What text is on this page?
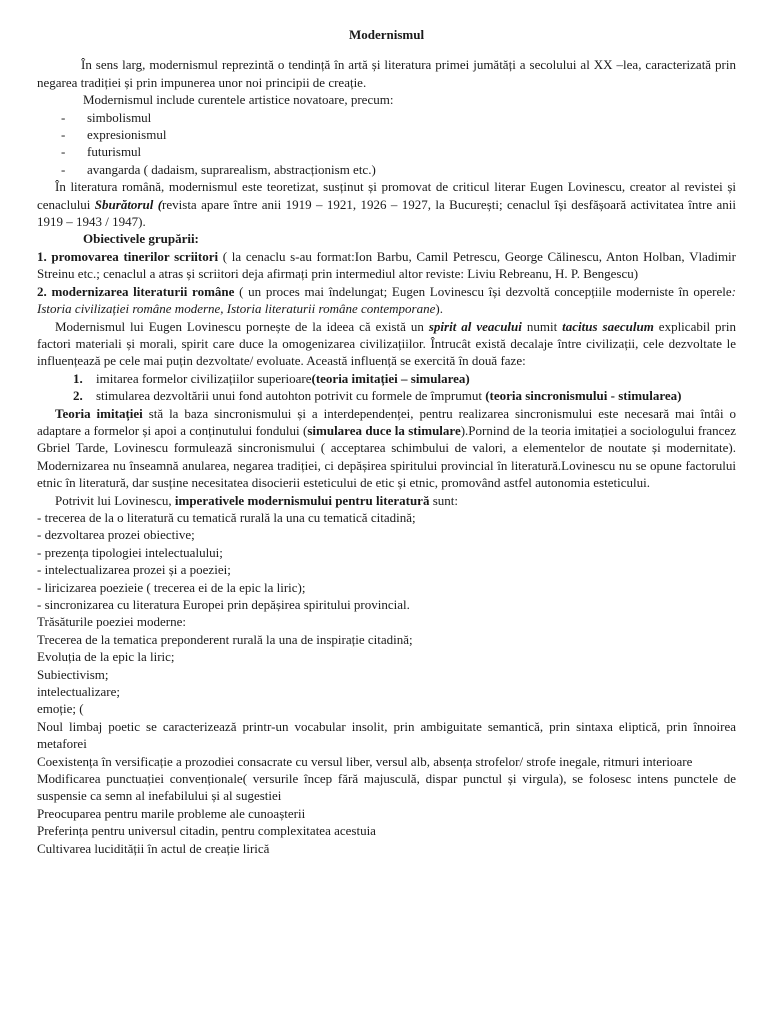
Modernismul

În sens larg, modernismul reprezintă o tendință în artă și literatura primei jumătăți a secolului al XX –lea, caracterizată prin negarea tradiției și prin impunerea unor noi principii de creație.

Modernismul include curentele artistice novatoare, precum:

-	simbolismul
-	expresionismul
-	futurismul
-	avangarda ( dadaism, suprarealism, abstracționism etc.)

În literatura română, modernismul este teoretizat, susținut și promovat de criticul literar Eugen Lovinescu, creator al revistei și cenaclului Sburătorul (revista apare între anii 1919 – 1921, 1926 – 1927, la București; cenaclul își desfășoară activitatea între anii 1919 – 1943 / 1947).

Obiectivele grupării:

1. promovarea tinerilor scriitori ( la cenaclu s-au format:Ion Barbu, Camil Petrescu, George Călinescu, Anton Holban, Vladimir Streinu etc.; cenaclul a atras și scriitori deja afirmați prin intermediul altor reviste: Liviu Rebreanu, H. P. Bengescu)

2. modernizarea literaturii române ( un proces mai îndelungat; Eugen Lovinescu își dezvoltă concepțiile moderniste în operele: Istoria civilizației române moderne, Istoria literaturii române contemporane).

Modernismul lui Eugen Lovinescu pornește de la ideea că există un spirit al veacului numit tacitus saeculum explicabil prin factori materiali și morali, spirit care duce la omogenizarea civilizațiilor. Întrucât există decalaje între civilizații, cele dezvoltate le influențează pe cele mai puțin dezvoltate/ evoluate. Această influență se exercită în două faze:

1.	imitarea formelor civilizațiilor superioare(teoria imitației – simularea)
2.	stimularea dezvoltării unui fond autohton potrivit cu formele de împrumut (teoria sincronismului - stimularea)

Teoria imitației stă la baza sincronismului și a interdependenței, pentru realizarea sincronismului este necesară mai întâi o adaptare a formelor și apoi a conținutului fondului (simularea duce la stimulare).Pornind de la teoria imitației a sociologului francez Gbriel Tarde, Lovinescu formulează sincronismului ( acceptarea schimbului de valori, a elementelor de noutate și modernitate). Modernizarea nu înseamnă anularea, negarea tradiției, ci depășirea spiritului provincial în literatură.Lovinescu nu se opune factorului etnic în literatură, dar susține necesitatea disocierii esteticului de etic și etnic, promovând astfel autonomia esteticului.

Potrivit lui Lovinescu, imperativele modernismului pentru literatură sunt:

- trecerea de la o literatură cu tematică rurală la una cu tematică citadină;

- dezvoltarea prozei obiective;

- prezența tipologiei intelectualului;

- intelectualizarea prozei și a poeziei;

- liricizarea poezieie ( trecerea ei de la epic la liric);

- sincronizarea cu literatura Europei prin depășirea spiritului provincial.

Trăsăturile poeziei moderne:

Trecerea de la tematica preponderent rurală la una de inspirație citadină;

Evoluția de la epic la liric;

Subiectivism;

intelectualizare;

emoție; (

Noul limbaj poetic se caracterizează printr-un vocabular insolit, prin ambiguitate semantică, prin sintaxa eliptică, prin înnoirea metaforei

Coexistența în versificație a prozodiei consacrate cu versul liber, versul alb, absența strofelor/ strofe inegale, ritmuri interioare

Modificarea punctuației convenționale( versurile încep fără majusculă, dispar punctul și virgula), se folosesc intens punctele de suspensie ca semn al inefabilului și al sugestiei

Preocuparea pentru marile probleme ale cunoașterii

Preferința pentru universul citadin, pentru complexitatea acestuia

Cultivarea lucidității în actul de creație lirică
